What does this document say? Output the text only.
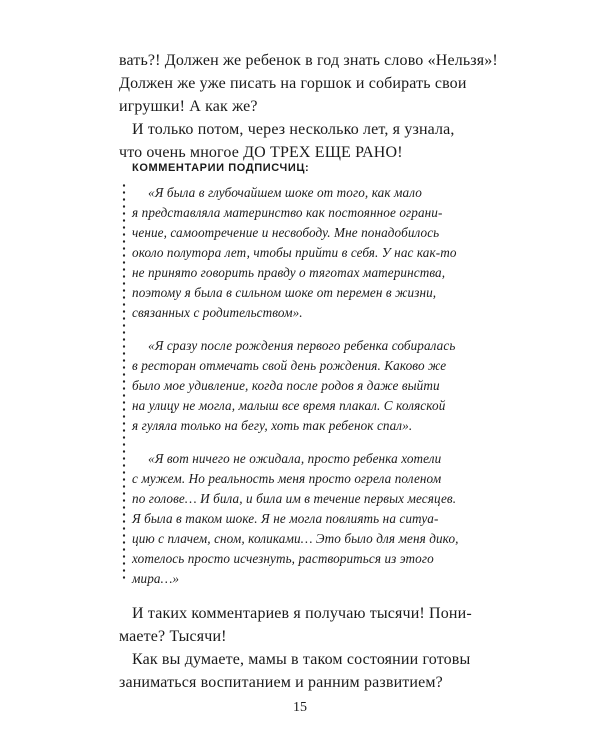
вать?! Должен же ребенок в год знать слово «Нельзя»!
Должен же уже писать на горшок и собирать свои
игрушки! А как же?
И только потом, через несколько лет, я узнала,
что очень многое ДО ТРЕХ ЕЩЕ РАНО!
КОММЕНТАРИИ ПОДПИСЧИЦ:
«Я была в глубочайшем шоке от того, как мало
я представляла материнство как постоянное ограни-
чение, самоотречение и несвободу. Мне понадобилось
около полутора лет, чтобы прийти в себя. У нас как-то
не принято говорить правду о тяготах материнства,
поэтому я была в сильном шоке от перемен в жизни,
связанных с родительством».
«Я сразу после рождения первого ребенка собиралась
в ресторан отмечать свой день рождения. Каково же
было мое удивление, когда после родов я даже выйти
на улицу не могла, малыш все время плакал. С коляской
я гуляла только на бегу, хоть так ребенок спал».
«Я вот ничего не ожидала, просто ребенка хотели
с мужем. Но реальность меня просто огрела поленом
по голове… И била, и била им в течение первых месяцев.
Я была в таком шоке. Я не могла повлиять на ситуа-
цию с плачем, сном, коликами… Это было для меня дико,
хотелось просто исчезнуть, раствориться из этого
мира…»
И таких комментариев я получаю тысячи! Пони-
маете? Тысячи!
Как вы думаете, мамы в таком состоянии готовы
заниматься воспитанием и ранним развитием?
15
